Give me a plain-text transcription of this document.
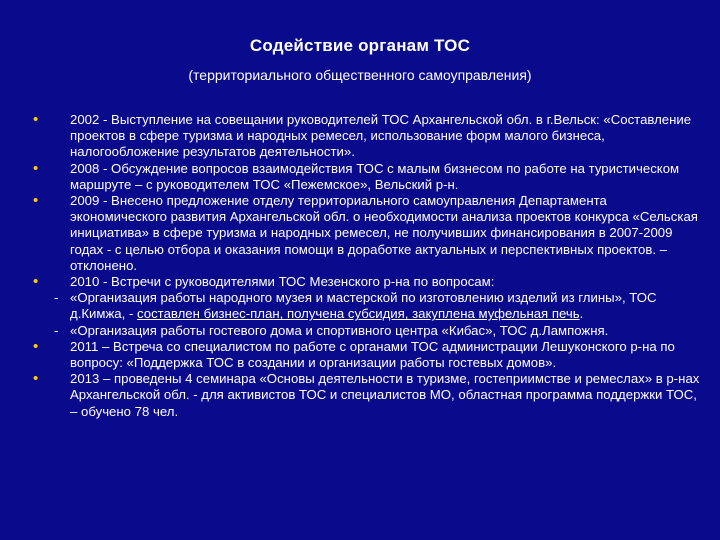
Содействие органам ТОС
(территориального общественного самоуправления)
• 2002 - Выступление на совещании руководителей ТОС Архангельской обл. в г.Вельск: «Составление проектов в сфере туризма и народных ремесел, использование форм малого бизнеса, налогообложение результатов деятельности».
• 2008 - Обсуждение вопросов взаимодействия ТОС с малым бизнесом по работе на туристическом маршруте – с руководителем ТОС «Пежемское», Вельский р-н.
• 2009 - Внесено предложение отделу территориального самоуправления Департамента экономического развития Архангельской обл. о необходимости анализа проектов конкурса «Сельская инициатива» в сфере туризма и народных ремесел, не получивших финансирования в 2007-2009 годах - с целью отбора и оказания помощи в доработке актуальных и перспективных проектов. – отклонено.
• 2010 - Встречи с руководителями ТОС Мезенского р-на по вопросам:
- «Организация работы народного музея и мастерской по изготовлению изделий из глины», ТОС д.Кимжа, - составлен бизнес-план, получена субсидия, закуплена муфельная печь.
- «Организация работы гостевого дома и спортивного центра «Кибас», ТОС д.Лампожня.
• 2011 – Встреча со специалистом по работе с органами ТОС администрации Лешуконского р-на по вопросу: «Поддержка ТОС в создании и организации работы гостевых домов».
• 2013 – проведены 4 семинара «Основы деятельности в туризме, гостеприимстве и ремеслах» в р-нах Архангельской обл. - для активистов ТОС и специалистов МО, областная программа поддержки ТОС, – обучено 78 чел.
